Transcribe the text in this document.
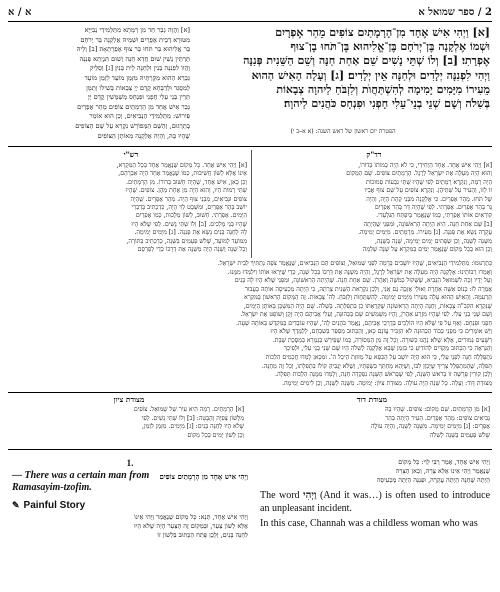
א / א	2 / ספר שמואל א
[א] וַהֲוָה גְבַר חַד מִן רָמָתָא מִתַּלְמִידֵי נְבִיַּיָּא
מִטּוּרָא דְבֵית אֶפְרַיִם וּשְׁמֵיהּ אֶלְקָנָה בַּר יְרֹחָם
בַּר אֱלִיהוּא בַּר תֹּחוּ בַּר צוּף אֶפְרָתָאָה׃ [ב] וְלֵיהּ
תַּרְתֵּין נְשִׁין שׁוּם חֲדָא חַנָּה וְשׁוּם תִּנְיֵתָא פְּנִנָּה
וַהֲווֹ לִפְנִנָּה בְנִין וּלְחַנָּה לֵית בְּנִין׃ [ג] וְסָלֵיק
גַּבְרָא הַהוּא מִקַּרְתֵּיהּ מִזְּמַן מוֹעֵד לִזְמַן מוֹעֵד
לְמִסְגַּד וּלְדַבָּחָא קֳדָם יְיָ צְבָאוֹת בְּשִׁילוֹ וְתַמָּן
תְּרֵין בְּנֵי עֵלִי חָפְנִי וּפִנְחָס מְשַׁמְּשִׁין קֳדָם יְיָ׃
גְּבַר אִישׁ אֶחָד מִן הָרָמָתַיִם צוֹפִים מֵהַר אֶפְרָיִם
פִּירוּשׁ: מִתַּלְמִידֵי הַנְּבִיאִים, וְכֵן הוּא אוֹמֵר
בְּתַרְגּוּם, וְהַשֵּׁם הַמְּפוֹרָשׁ נִקְרָא עַל שֵׁם הַצּוֹפִים
שֶׁהָיוּ בָּהּ, וְהָיָה אֶלְקָנָה מֵאוֹתָן הַצּוֹפִים
[א] וַיְהִי אִישׁ אֶחָד מִן־הָרָמָתַיִם צוֹפִים מֵהַר אֶפְרָיִם
וּשְׁמוֹ אֶלְקָנָה בֶּן־יְרֹחָם בֶּן־אֱלִיהוּא בֶּן־תֹּחוּ בֶן־צוּף
אֶפְרָתִי׃ [ב] וְלוֹ שְׁתֵּי נָשִׁים שֵׁם אַחַת חַנָּה וְשֵׁם הַשֵּׁנִית פְּנִנָּה
וַיְהִי לִפְנִנָּה יְלָדִים וּלְחַנָּה אֵין יְלָדִים׃ [ג] וְעָלָה הָאִישׁ הַהוּא
מֵעִירוֹ מִיָּמִים יָמִימָה לְהִשְׁתַּחֲוֺת וְלִזְבֹּחַ לַיהוָה צְבָאוֹת
בְּשִׁלֹה וְשָׁם שְׁנֵי בְנֵי־עֵלִי חָפְנִי וּפִנְחָס כֹּהֲנִים לַיהוָה׃
הפטרת יום ראשון של ראש השנה: (א א–ב י)
רש"י	רד"ק
[א] וַיְהִי אִישׁ אֶחָד. כָּל מָקוֹם שֶׁנֶּאֱמַר אֶחָד בְּכָל הַמִּקְרָא,
אֵינוֹ אֶלָּא לְשׁוֹן חֲשִׁיבוּת, כְּמוֹ שֶׁנֶּאֱמַר אֶחָד הָיָה אַבְרָהָם,
וְכֵן כָּאן, אִישׁ אֶחָד, שֶׁהָיָה חָשׁוּב בְּדוֹרוֹ. מִן הָרָמָתַיִם.
שְׁתֵּי רָמוֹת הָיוּ, וְהוּא הָיָה מִן אֶחָת מֵהֶן. צוֹפִים. שֶׁהָיוּ
צוֹפִים וּנְבִיאִים, מִבְּנֵי צוּף הָיָה. מֵהַר אֶפְרָיִם. שֶׁהָיָה
יוֹשֵׁב בְּהַר אֶפְרַיִם, וּמִשֵּׁבֶט לֵוִי הָיָה, כִּדְכְתִיב בְּדִבְרֵי
הַיָּמִים. אֶפְרָתִי. חָשׁוּב, לְשׁוֹן מַלְכוּת, כְּמוֹ אֶפְרַיִם
שֶׁהָיוּ בְּנֵי מְלָכִים. [ב] וְלוֹ שְׁתֵּי נָשִׁים. לְפִי שֶׁלֹּא הָיוּ
לָהּ לְחַנָּה בָּנִים נָשָׂא אֶת פְּנִנָּה. [ג] מִיָּמִים יָמִימָה.
מִמּוֹעֵד לְמוֹעֵד, שָׁלֹשׁ פְּעָמִים בַּשָּׁנָה, כְּדִכְתִיב בַּתּוֹרָה,
וְכָל שָׁנָה וְשָׁנָה הָיָה מְשַׁנֶּה אֶת דַּרְכּוֹ כְּדֵי לְפַרְסֵם
[א] וַיְהִי אִישׁ אֶחָד. אֶחָד הַיְחִידִי, כִּי לֹא הָיָה כְּמוֹתוֹ בְּדוֹרוֹ,
וְהוּא הָיָה מְעַלֶּה אֶת יִשְׂרָאֵל לְרֶגֶל. הָרָמָתַיִם צוֹפִים. שֵׁם הַמָּקוֹם
הָיָה רָמָה, וְנִקְרָא רָמָתַיִם לְפִי שֶׁהָיוּ שְׁתֵּי גִבְעוֹת סְמוּכוֹת
זוֹ לָזוֹ, וְהָעִיר עַל שְׁתֵּיהֶן. וְנִקְרָא צוֹפִים עַל שֵׁם צוּף אָבִיו
שֶׁל תֹּחוּ. מֵהַר אֶפְרָיִם. כִּי אֶלְקָנָה מִבְּנֵי קְהָת הָיָה, וְהָיָה
גָּר בְּהַר אֶפְרַיִם. אֶפְרָתִי. לְפִי שֶׁהָיָה דָּר בְּהַר אֶפְרַיִם
קוֹרְאִים אוֹתוֹ אֶפְרָתִי, כְּמוֹ שֶׁנֶּאֱמַר בְּיִפְתָּח הַגִּלְעָדִי.
[ב] שֵׁם אַחַת חַנָּה. הִיא הָיְתָה הָרִאשׁוֹנָה, וּמִפְּנֵי שֶׁהָיְתָה
עֲקָרָה נָשָׂא אֶת פְּנִנָּה. [ג] מֵעִירוֹ. מֵרָמָתַיִם. מִיָּמִים יָמִימָה.
מִשָּׁנָה לְשָׁנָה, וְכֵן שְׂפָתִים יָמִים יָמִימָה, שָׁנָה בְּשָׁנָה,
וְכֵן הוּא בְּכָל מָקוֹם שֶׁנֶּאֱמַר יָמִים בַּמִּקְרָא עַל שָׁנָה שְׁלֵמָה
כְּתַרְגּוּמוֹ: מִתַּלְמִידֵי הַנְּבִיאִים, שֶׁהָיוּ יוֹשְׁבִים בָּרָמָה לִפְנֵי שְׁמוּאֵל, וְצוֹפִים הֵם הַנְּבִיאִים, שֶׁנֶּאֱמַר צֹפֶה נְתַתִּיךָ לְבֵית יִשְׂרָאֵל.
וְאָמְרוּ רַבּוֹתֵינוּ: אֶלְקָנָה הָיָה מְעַלֶּה אֶת יִשְׂרָאֵל לְרֶגֶל, וְהָיָה מְשַׁנֶּה אֶת דַּרְכּוֹ בְּכָל שָׁנָה, כְּדֵי שֶׁיִּרְאוּ אוֹתוֹ וִילַמְּדוּ מִמֶּנּוּ.
וְעַל יָדָיו זָכָה לִשְׁמוּאֵל הַנָּבִיא, שֶׁשָּׁקוּל כְּמֹשֶׁה וְאַהֲרֹן. שֵׁם אַחַת חַנָּה. שֶׁהָיְתָה הָרִאשׁוֹנָה, וּמִפְּנֵי שֶׁלֹּא הָיוּ לָהּ בָּנִים
אָמְרָה לוֹ: כְּנוֹס אִשָּׁה אַחֶרֶת וְאוּלַי אֶזְכֶּה גַם אֲנִי, וְלָכֵן נִקְרֵאת הַשֵּׁנִית צָרָתָהּ, כִּי הָיְתָה מַכְעִיסָה אוֹתָהּ בַּעֲבוּר
תַּרְעִמָהּ. וְהָאִישׁ הַהוּא עָלָה מֵעִירוֹ מִיָּמִים יָמִימָה. לְהִשְׁתַּחֲוֺת וְלִזְבֹּחַ. לַה' צְבָאוֹת. זֶה הַמָּקוֹם הָרִאשׁוֹן בַּמִּקְרָא
שֶׁנִּקְרָא הקב"ה צְבָאוֹת, וְחַנָּה הָיְתָה הָרִאשׁוֹנָה שֶׁקְּרָאַתּוּ כֵן בִּתְפִלָּתָהּ. בְּשִׁלֹה. שָׁם הָיָה הַמִּשְׁכָּן בְּאוֹתָן הַיָּמִים,
וְשָׁם שְׁנֵי בְנֵי עֵלִי. לְפִי שֶׁהָיוּ מִזְרַע אַהֲרֹן, וְהָיוּ מְשַׁמְּשִׁים שָׁם בַּכְּהוּנָּה, וְעֵלִי אֲבִיהֶם הָיָה זָקֵן וְשׁוֹפֵט אֶת יִשְׂרָאֵל.
חָפְנִי וּפִנְחָס. וְאַף עַל פִּי שֶׁלֹּא הָיוּ הוֹלְכִים בְּדַרְכֵי אֲבִיהֶם, נֶאֱמַר כֹּהֲנִים לַה', שֶׁהָיוּ עוֹבְדִים בַּמִּקְדָּשׁ בְּאוֹתָהּ שָׁעָה.
וְיֵשׁ אוֹמְרִים כִּי מִפְּנֵי כְּבוֹד הַכְּהוּנָּה לֹא הִזְכִּיר עֲוֹנָם כָּאן, וְהַכָּתוּב מְסַפֵּר בְּשִׁבְחָם, לְלַמֶּדְךָ שֶׁלֹּא הָיוּ
רְשָׁעִים גְּמוּרִים, אֶלָּא שֶׁלֹּא נָהֲגוּ כַּשּׁוּרָה. וְכָל זֶה מִן הַמְּסוֹרָה, כְּמוֹ שֶׁפֵּירֵשׁ בְּגְמָרָא בְּמַסֶּכֶת שַׁבָּת.
וְהַנִּרְאֶה כִּי הַכָּתוּב מַקְדִּים לְהוֹדִיעַ כִּי בִּזְמַן שֶׁבָּא אֶלְקָנָה לְשִׁלֹה הָיוּ שָׁם שְׁנֵי בְנֵי עֵלִי, וּלְפִיכָךְ
נִתְפַּלְּלָה חַנָּה לִפְנֵי עֵלִי, כִּי הוּא הָיָה יוֹשֵׁב עַל הַכִּסֵּא עַל מְזוּזַת הֵיכַל ה'. וּמִכָּאן לָמְדוּ חֲכָמִים הִלְכוֹת
תְּפִלָּה, שֶׁהַמִּתְפַּלֵּל צָרִיךְ שֶׁיְּכַוֵּן לִבּוֹ, וְשֶׁיְּהֵא מְחַתֵּךְ בִּשְׂפָתָיו, וְשֶׁלֹּא יַגְבִּיהַּ קוֹלוֹ בִּתְפִלָּתוֹ, וְכָל זֶה מֵחַנָּה.
וְלָכֵן קוֹרִין פָּרָשָׁה זוֹ בְּרֹאשׁ הַשָּׁנָה, לְפִי שֶׁבְּרֹאשׁ הַשָּׁנָה נִפְקְדָה חַנָּה, וְלָמְדוּ מִמֶּנָּה הִלְכוֹת תְּפִלָּה.
מְצוּדַת דָּוִד: וְעָלָה. כָּל שָׁנָה הָיָה עוֹלֶה. מְצוּדַת צִיּוֹן: יָמִימָה. מִשָּׁנָה לְשָׁנָה, וְכֵן לִימִים יָמִימָה.
מצודת דוד
מצודת ציון
[א] מִן הָרָמָתַיִם. שֵׁם מָקוֹם: צוֹפִים. שֶׁהָיוּ בָּהּ
נְבִיאִים צוֹפִים: מֵהַר אֶפְרָיִם. הָעִיר הָיְתָה בְּהַר
אֶפְרָיִם: [ג] מִיָּמִים יָמִימָה. מִשָּׁנָה לְשָׁנָה, וְהָיָה עוֹלֶה
שָׁלֹשׁ פְּעָמִים בַּשָּׁנָה לְשִׁלֹה
[א] הָרָמָתַיִם. רָמָה הִיא עִיר שֶׁל שְׁמוּאֵל. צוֹפִים
מִלְּשׁוֹן צְפִיָּה וְהַבָּטָה: [ב] וְלוֹ שְׁתֵּי נָשִׁים. לְפִי
שֶׁלֹּא הָיוּ לְחַנָּה בָּנִים: [ג] מִיָּמִים. מִזְּמַן לִזְמַן,
וְכֵן לָשׁוֹן יָמִים בְּכָל מָקוֹם
1.
— There was a certain man from Ramasayim-tzofim.
וַיְהִי אִישׁ אֶחָד מִן הָרָמָתַיִם צוֹפִים
✎ Painful Story
וַיְהִי אִישׁ אֶחָד, תָּנָא: כָּל מָקוֹם שֶׁנֶּאֱמַר וַיְהִי אֵינוֹ
אֶלָּא לְשׁוֹן צַעַר, וּבְמָקוֹם זֶה הַצַּעַר הָיָה שֶׁלֹּא הָיוּ
לְחַנָּה בָּנִים, וְלָכֵן פָּתַח הַכָּתוּב בְּלָשׁוֹן זוֹ
וַיְהִי אִישׁ אֶחָד, אָמַר רַבִּי לֵוִי: כָּל מָקוֹם
שֶׁנֶּאֱמַר וַיְהִי אֵינוֹ אֶלָּא צָרָה, וְכָאן הַצָּרָה
הָיְתָה שֶׁחַנָּה הָיְתָה עֲקָרָה, וּפְנִנָּה הָיְתָה מַכְעִיסָה
The word וַיְהִי (And it was…) is often used to introduce an unpleasant incident.
In this case, Channah was a childless woman who was
